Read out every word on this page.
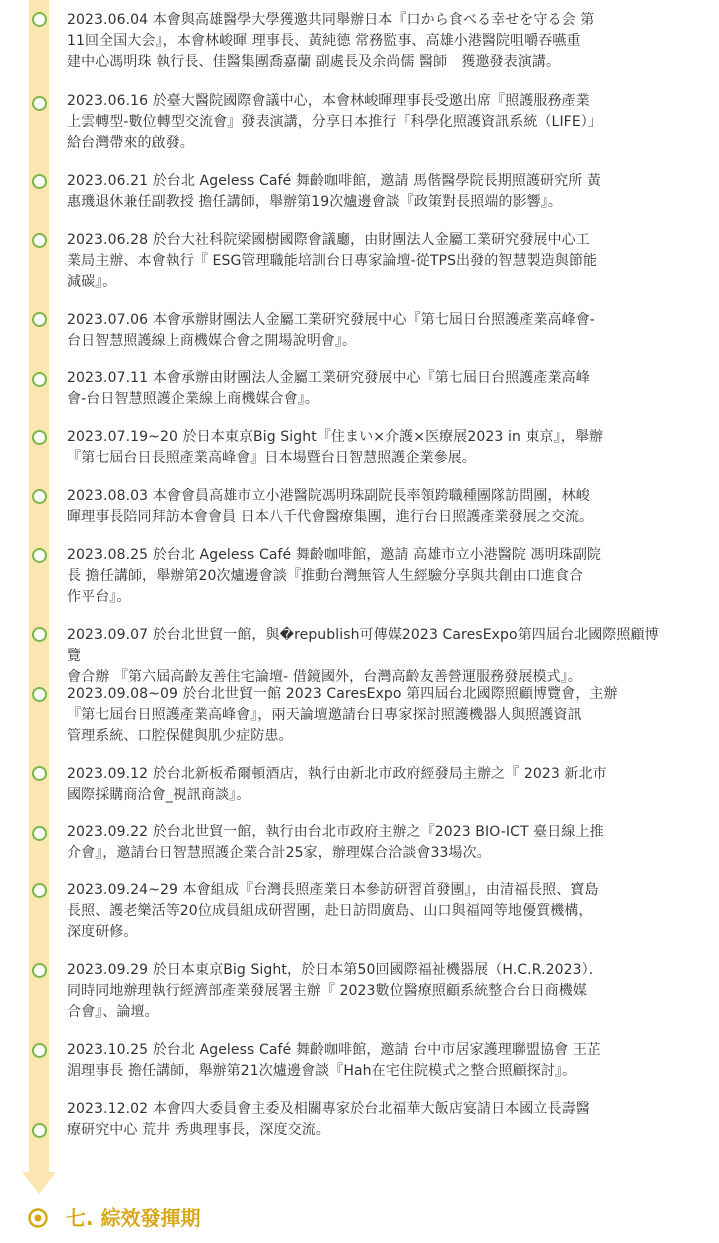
2023.06.04 本會與高雄醫學大學獲邀共同舉辦日本『口から食べる幸せを守る会 第
11回全国大会』，本會林峻暉 理事長、黃純德 常務監事、高雄小港醫院咀嚼吞嚥重
建中心馮明珠 執行長、佳醫集團喬嘉蘭 副處長及余尚儒 醫師　獲邀發表演講。
2023.06.16 於臺大醫院國際會議中心，本會林峻暉理事長受邀出席『照護服務產業
上雲轉型-數位轉型交流會』發表演講，分享日本推行「科學化照護資訊系統（LIFE）」
給台灣帶來的啟發。
2023.06.21 於台北 Ageless Café 舞齡咖啡館，邀請 馬偕醫學院長期照護研究所 黃
惠璣退休兼任副教授 擔任講師，舉辦第19次爐邊會談『政策對長照端的影響』。
2023.06.28 於台大社科院梁國樹國際會議廳，由財團法人金屬工業研究發展中心工
業局主辦、本會執行『 ESG管理職能培訓台日專家論壇-從TPS出發的智慧製造與節能
減碳』。
2023.07.06 本會承辦財團法人金屬工業研究發展中心『第七屆日台照護產業高峰會-
台日智慧照護線上商機媒合會之開場說明會』。
2023.07.11 本會承辦由財團法人金屬工業研究發展中心『第七屆日台照護產業高峰
會-台日智慧照護企業線上商機媒合會』。
2023.07.19~20 於日本東京Big Sight『住まい×介護×医療展2023 in 東京』，舉辦
『第七屆台日長照產業高峰會』日本場暨台日智慧照護企業參展。
2023.08.03 本會會員高雄市立小港醫院馮明珠副院長率領跨職種團隊訪問團，林峻
暉理事長陪同拜訪本會會員 日本八千代會醫療集團，進行台日照護產業發展之交流。
2023.08.25 於台北 Ageless Café 舞齡咖啡館，邀請 高雄市立小港醫院 馮明珠副院
長 擔任講師，舉辦第20次爐邊會談『推動台灣無管人生經驗分享與共創由口進食合
作平台』。
2023.09.07 於台北世貿一館，與�republish可傳媒2023 CaresExpo第四屆台北國際照顧博覽
會合辦 『第六屆高齡友善住宅論壇- 借鏡國外，台灣高齡友善營運服務發展模式』。
2023.09.08~09 於台北世貿一館 2023 CaresExpo 第四屆台北國際照顧博覽會，主辦
『第七屆台日照護產業高峰會』，兩天論壇邀請台日專家探討照護機器人與照護資訊
管理系統、口腔保健與肌少症防患。
2023.09.12 於台北新板希爾頓酒店，執行由新北市政府經發局主辦之『 2023 新北市
國際採購商洽會_視訊商談』。
2023.09.22 於台北世貿一館，執行由台北市政府主辦之『2023 BIO-ICT 臺日線上推
介會』，邀請台日智慧照護企業合計25家，辦理媒合洽談會33場次。
2023.09.24~29 本會組成『台灣長照產業日本參訪研習首發團』，由清福長照、寶島
長照、護老樂活等20位成員組成研習團，赴日訪問廣島、山口與福岡等地優質機構，
深度研修。
2023.09.29 於日本東京Big Sight，於日本第50回國際福祉機器展（H.C.R.2023）．
同時同地辦理執行經濟部產業發展署主辦『 2023數位醫療照顧系統整合台日商機媒
合會』、論壇。
2023.10.25 於台北 Ageless Café 舞齡咖啡館，邀請 台中市居家護理聯盟協會 王芷
湄理事長 擔任講師，舉辦第21次爐邊會談『Hah在宅住院模式之整合照顧探討』。
2023.12.02 本會四大委員會主委及相關專家於台北福華大飯店宴請日本國立長壽醫
療研究中心 荒井 秀典理事長，深度交流。
七. 綜效發揮期
